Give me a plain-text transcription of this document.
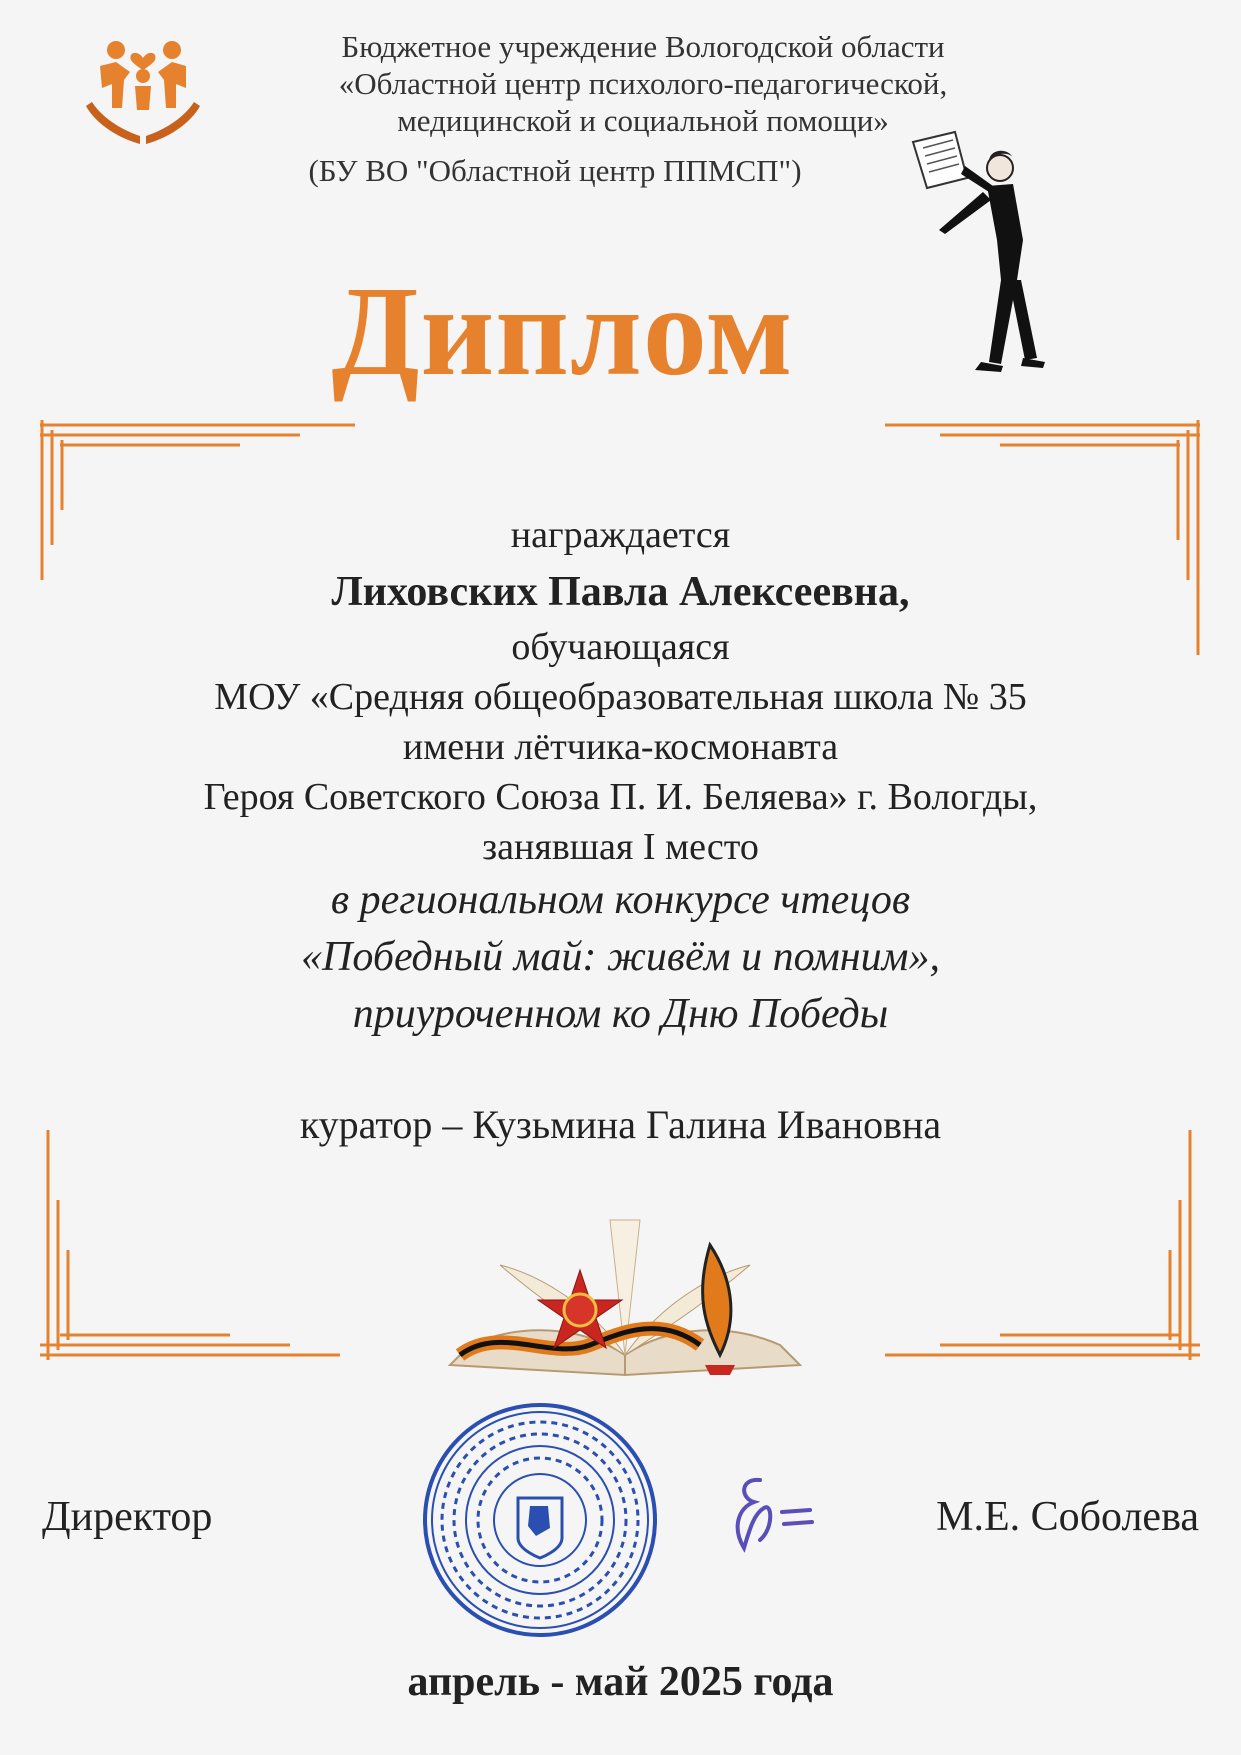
Бюджетное учреждение Вологодской области
«Областной центр психолого-педагогической,
медицинской и социальной помощи»
(БУ ВО "Областной центр ППМСП")
Диплом
награждается
Лиховских Павла Алексеевна,
обучающаяся
МОУ «Средняя общеобразовательная школа № 35
имени лётчика-космонавта
Героя Советского Союза П. И. Беляева» г. Вологды,
занявшая I место
в региональном конкурсе чтецов
«Победный май: живём и помним»,
приуроченном ко Дню Победы
куратор – Кузьмина Галина Ивановна
Директор	М.Е. Соболева
апрель - май 2025 года
